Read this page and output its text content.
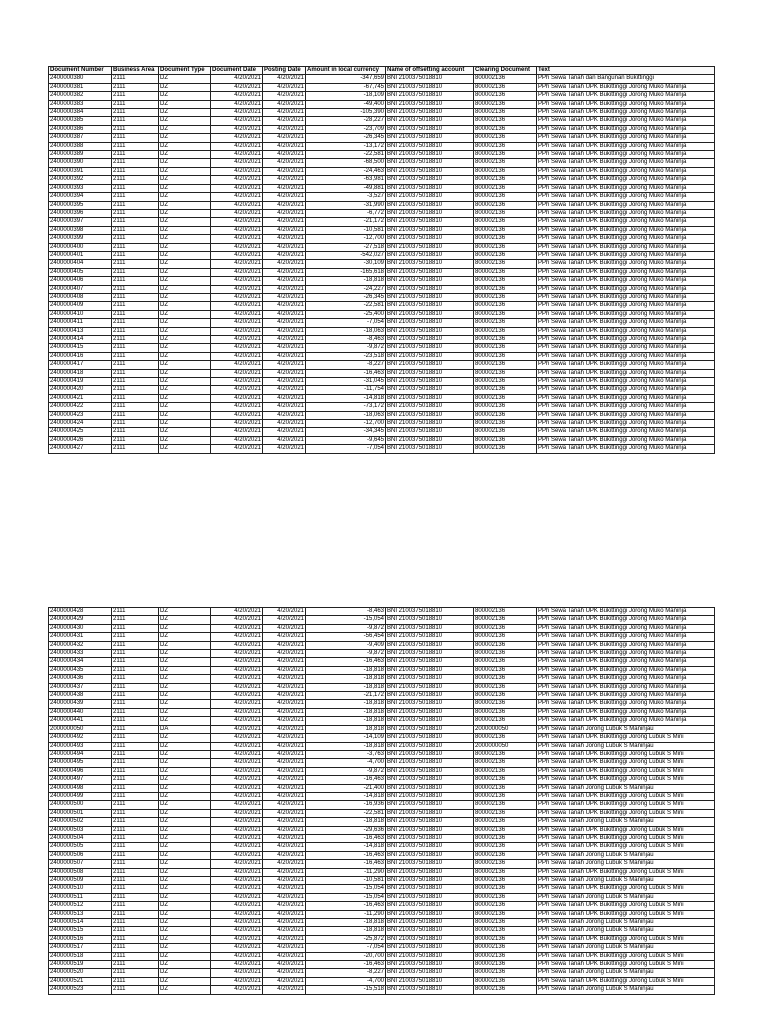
Document Number	Business Area	Document Type	Document Date	Posting Date	Amount in local currency	Name of offsetting account	Clearing Document	Text
2400000380	2111	DZ	4/20/2021	4/20/2021	-347,659	BNI 2100375018810	800002136	PPh Sewa Tanah dan Bangunan Bukittinggi
2400000381	2111	DZ	4/20/2021	4/20/2021	-67,745	BNI 2100375018810	800002136	PPh Sewa Tanah UPK Bukittinggi Jorong Muko Maninja
2400000382	2111	DZ	4/20/2021	4/20/2021	-18,109	BNI 2100375018810	800002136	PPh Sewa Tanah UPK Bukittinggi Jorong Muko Maninja
2400000383	2111	DZ	4/20/2021	4/20/2021	-49,400	BNI 2100375018810	800002136	PPh Sewa Tanah UPK Bukittinggi Jorong Muko Maninja
2400000384	2111	DZ	4/20/2021	4/20/2021	-105,390	BNI 2100375018810	800002136	PPh Sewa Tanah UPK Bukittinggi Jorong Muko Maninja
2400000385	2111	DZ	4/20/2021	4/20/2021	-28,227	BNI 2100375018810	800002136	PPh Sewa Tanah UPK Bukittinggi Jorong Muko Maninja
2400000386	2111	DZ	4/20/2021	4/20/2021	-23,709	BNI 2100375018810	800002136	PPh Sewa Tanah UPK Bukittinggi Jorong Muko Maninja
2400000387	2111	DZ	4/20/2021	4/20/2021	-26,345	BNI 2100375018810	800002136	PPh Sewa Tanah UPK Bukittinggi Jorong Muko Maninja
2400000388	2111	DZ	4/20/2021	4/20/2021	-13,172	BNI 2100375018810	800002136	PPh Sewa Tanah UPK Bukittinggi Jorong Muko Maninja
2400000389	2111	DZ	4/20/2021	4/20/2021	-22,581	BNI 2100375018810	800002136	PPh Sewa Tanah UPK Bukittinggi Jorong Muko Maninja
2400000390	2111	DZ	4/20/2021	4/20/2021	-68,500	BNI 2100375018810	800002136	PPh Sewa Tanah UPK Bukittinggi Jorong Muko Maninja
2400000391	2111	DZ	4/20/2021	4/20/2021	-24,463	BNI 2100375018810	800002136	PPh Sewa Tanah UPK Bukittinggi Jorong Muko Maninja
2400000392	2111	DZ	4/20/2021	4/20/2021	-63,981	BNI 2100375018810	800002136	PPh Sewa Tanah UPK Bukittinggi Jorong Muko Maninja
2400000393	2111	DZ	4/20/2021	4/20/2021	-49,881	BNI 2100375018810	800002136	PPh Sewa Tanah UPK Bukittinggi Jorong Muko Maninja
2400000394	2111	DZ	4/20/2021	4/20/2021	-3,527	BNI 2100375018810	800002136	PPh Sewa Tanah UPK Bukittinggi Jorong Muko Maninja
2400000395	2111	DZ	4/20/2021	4/20/2021	-31,990	BNI 2100375018810	800002136	PPh Sewa Tanah UPK Bukittinggi Jorong Muko Maninja
2400000396	2111	DZ	4/20/2021	4/20/2021	-6,772	BNI 2100375018810	800002136	PPh Sewa Tanah UPK Bukittinggi Jorong Muko Maninja
2400000397	2111	DZ	4/20/2021	4/20/2021	-21,172	BNI 2100375018810	800002136	PPh Sewa Tanah UPK Bukittinggi Jorong Muko Maninja
2400000398	2111	DZ	4/20/2021	4/20/2021	-10,581	BNI 2100375018810	800002136	PPh Sewa Tanah UPK Bukittinggi Jorong Muko Maninja
2400000399	2111	DZ	4/20/2021	4/20/2021	-12,700	BNI 2100375018810	800002136	PPh Sewa Tanah UPK Bukittinggi Jorong Muko Maninja
2400000400	2111	DZ	4/20/2021	4/20/2021	-27,518	BNI 2100375018810	800002136	PPh Sewa Tanah UPK Bukittinggi Jorong Muko Maninja
2400000401	2111	DZ	4/20/2021	4/20/2021	-542,027	BNI 2100375018810	800002136	PPh Sewa Tanah UPK Bukittinggi Jorong Muko Maninja
2400000404	2111	DZ	4/20/2021	4/20/2021	-30,109	BNI 2100375018810	800002136	PPh Sewa Tanah UPK Bukittinggi Jorong Muko Maninja
2400000405	2111	DZ	4/20/2021	4/20/2021	-165,618	BNI 2100375018810	800002136	PPh Sewa Tanah UPK Bukittinggi Jorong Muko Maninja
2400000406	2111	DZ	4/20/2021	4/20/2021	-18,818	BNI 2100375018810	800002136	PPh Sewa Tanah UPK Bukittinggi Jorong Muko Maninja
2400000407	2111	DZ	4/20/2021	4/20/2021	-24,227	BNI 2100375018810	800002136	PPh Sewa Tanah UPK Bukittinggi Jorong Muko Maninja
2400000408	2111	DZ	4/20/2021	4/20/2021	-26,345	BNI 2100375018810	800002136	PPh Sewa Tanah UPK Bukittinggi Jorong Muko Maninja
2400000409	2111	DZ	4/20/2021	4/20/2021	-22,581	BNI 2100375018810	800002136	PPh Sewa Tanah UPK Bukittinggi Jorong Muko Maninja
2400000410	2111	DZ	4/20/2021	4/20/2021	-25,400	BNI 2100375018810	800002136	PPh Sewa Tanah UPK Bukittinggi Jorong Muko Maninja
2400000411	2111	DZ	4/20/2021	4/20/2021	-7,054	BNI 2100375018810	800002136	PPh Sewa Tanah UPK Bukittinggi Jorong Muko Maninja
2400000413	2111	DZ	4/20/2021	4/20/2021	-18,063	BNI 2100375018810	800002136	PPh Sewa Tanah UPK Bukittinggi Jorong Muko Maninja
2400000414	2111	DZ	4/20/2021	4/20/2021	-8,463	BNI 2100375018810	800002136	PPh Sewa Tanah UPK Bukittinggi Jorong Muko Maninja
2400000415	2111	DZ	4/20/2021	4/20/2021	-9,872	BNI 2100375018810	800002136	PPh Sewa Tanah UPK Bukittinggi Jorong Muko Maninja
2400000416	2111	DZ	4/20/2021	4/20/2021	-23,518	BNI 2100375018810	800002136	PPh Sewa Tanah UPK Bukittinggi Jorong Muko Maninja
2400000417	2111	DZ	4/20/2021	4/20/2021	-8,227	BNI 2100375018810	800002136	PPh Sewa Tanah UPK Bukittinggi Jorong Muko Maninja
2400000418	2111	DZ	4/20/2021	4/20/2021	-16,463	BNI 2100375018810	800002136	PPh Sewa Tanah UPK Bukittinggi Jorong Muko Maninja
2400000419	2111	DZ	4/20/2021	4/20/2021	-31,045	BNI 2100375018810	800002136	PPh Sewa Tanah UPK Bukittinggi Jorong Muko Maninja
2400000420	2111	DZ	4/20/2021	4/20/2021	-11,754	BNI 2100375018810	800002136	PPh Sewa Tanah UPK Bukittinggi Jorong Muko Maninja
2400000421	2111	DZ	4/20/2021	4/20/2021	-14,818	BNI 2100375018810	800002136	PPh Sewa Tanah UPK Bukittinggi Jorong Muko Maninja
2400000422	2111	DZ	4/20/2021	4/20/2021	-73,172	BNI 2100375018810	800002136	PPh Sewa Tanah UPK Bukittinggi Jorong Muko Maninja
2400000423	2111	DZ	4/20/2021	4/20/2021	-18,063	BNI 2100375018810	800002136	PPh Sewa Tanah UPK Bukittinggi Jorong Muko Maninja
2400000424	2111	DZ	4/20/2021	4/20/2021	-12,700	BNI 2100375018810	800002136	PPh Sewa Tanah UPK Bukittinggi Jorong Muko Maninja
2400000425	2111	DZ	4/20/2021	4/20/2021	-34,345	BNI 2100375018810	800002136	PPh Sewa Tanah UPK Bukittinggi Jorong Muko Maninja
2400000426	2111	DZ	4/20/2021	4/20/2021	-9,645	BNI 2100375018810	800002136	PPh Sewa Tanah UPK Bukittinggi Jorong Muko Maninja
2400000427	2111	DZ	4/20/2021	4/20/2021	-7,054	BNI 2100375018810	800002136	PPh Sewa Tanah UPK Bukittinggi Jorong Muko Maninja
2400000428	2111	DZ	4/20/2021	4/20/2021	-8,463	BNI 2100375018810	800002136	PPh Sewa Tanah UPK Bukittinggi Jorong Muko Maninja
2400000429	2111	DZ	4/20/2021	4/20/2021	-15,054	BNI 2100375018810	800002136	PPh Sewa Tanah UPK Bukittinggi Jorong Muko Maninja
2400000430	2111	DZ	4/20/2021	4/20/2021	-9,872	BNI 2100375018810	800002136	PPh Sewa Tanah UPK Bukittinggi Jorong Muko Maninja
2400000431	2111	DZ	4/20/2021	4/20/2021	-56,454	BNI 2100375018810	800002136	PPh Sewa Tanah UPK Bukittinggi Jorong Muko Maninja
2400000432	2111	DZ	4/20/2021	4/20/2021	-9,409	BNI 2100375018810	800002136	PPh Sewa Tanah UPK Bukittinggi Jorong Muko Maninja
2400000433	2111	DZ	4/20/2021	4/20/2021	-9,872	BNI 2100375018810	800002136	PPh Sewa Tanah UPK Bukittinggi Jorong Muko Maninja
2400000434	2111	DZ	4/20/2021	4/20/2021	-16,463	BNI 2100375018810	800002136	PPh Sewa Tanah UPK Bukittinggi Jorong Muko Maninja
2400000435	2111	DZ	4/20/2021	4/20/2021	-18,818	BNI 2100375018810	800002136	PPh Sewa Tanah UPK Bukittinggi Jorong Muko Maninja
2400000436	2111	DZ	4/20/2021	4/20/2021	-18,818	BNI 2100375018810	800002136	PPh Sewa Tanah UPK Bukittinggi Jorong Muko Maninja
2400000437	2111	DZ	4/20/2021	4/20/2021	-18,818	BNI 2100375018810	800002136	PPh Sewa Tanah UPK Bukittinggi Jorong Muko Maninja
2400000438	2111	DZ	4/20/2021	4/20/2021	-21,172	BNI 2100375018810	800002136	PPh Sewa Tanah UPK Bukittinggi Jorong Muko Maninja
2400000439	2111	DZ	4/20/2021	4/20/2021	-18,818	BNI 2100375018810	800002136	PPh Sewa Tanah UPK Bukittinggi Jorong Muko Maninja
2400000440	2111	DZ	4/20/2021	4/20/2021	-18,818	BNI 2100375018810	800002136	PPh Sewa Tanah UPK Bukittinggi Jorong Muko Maninja
2400000441	2111	DZ	4/20/2021	4/20/2021	-18,818	BNI 2100375018810	800002136	PPh Sewa Tanah UPK Bukittinggi Jorong Muko Maninja
2000000050	2111	DA	4/20/2021	4/20/2021	18,818	BNI 2100375018810	2000000050	PPh Sewa Tanah Jorong Lubuk S Maninjau
2400000492	2111	DZ	4/20/2021	4/20/2021	-14,109	BNI 2100375018810	800002136	PPh Sewa Tanah UPK Bukittinggi Jorong Lubuk S Mini
2400000493	2111	DZ	4/20/2021	4/20/2021	-18,818	BNI 2100375018810	2000000050	PPh Sewa Tanah Jorong Lubuk S Maninjau
2400000494	2111	DZ	4/20/2021	4/20/2021	-3,763	BNI 2100375018810	800002136	PPh Sewa Tanah UPK Bukittinggi Jorong Lubuk S Mini
2400000495	2111	DZ	4/20/2021	4/20/2021	-4,700	BNI 2100375018810	800002136	PPh Sewa Tanah UPK Bukittinggi Jorong Lubuk S Mini
2400000496	2111	DZ	4/20/2021	4/20/2021	-9,872	BNI 2100375018810	800002136	PPh Sewa Tanah UPK Bukittinggi Jorong Lubuk S Mini
2400000497	2111	DZ	4/20/2021	4/20/2021	-16,463	BNI 2100375018810	800002136	PPh Sewa Tanah UPK Bukittinggi Jorong Lubuk S Mini
2400000498	2111	DZ	4/20/2021	4/20/2021	-21,400	BNI 2100375018810	800002136	PPh Sewa Tanah Jorong Lubuk S Maninjau
2400000499	2111	DZ	4/20/2021	4/20/2021	-14,818	BNI 2100375018810	800002136	PPh Sewa Tanah UPK Bukittinggi Jorong Lubuk S Mini
2400000500	2111	DZ	4/20/2021	4/20/2021	-16,936	BNI 2100375018810	800002136	PPh Sewa Tanah UPK Bukittinggi Jorong Lubuk S Mini
2400000501	2111	DZ	4/20/2021	4/20/2021	-22,581	BNI 2100375018810	800002136	PPh Sewa Tanah UPK Bukittinggi Jorong Lubuk S Mini
2400000502	2111	DZ	4/20/2021	4/20/2021	-18,818	BNI 2100375018810	800002136	PPh Sewa Tanah Jorong Lubuk S Maninjau
2400000503	2111	DZ	4/20/2021	4/20/2021	-29,636	BNI 2100375018810	800002136	PPh Sewa Tanah UPK Bukittinggi Jorong Lubuk S Mini
2400000504	2111	DZ	4/20/2021	4/20/2021	-16,463	BNI 2100375018810	800002136	PPh Sewa Tanah UPK Bukittinggi Jorong Lubuk S Mini
2400000505	2111	DZ	4/20/2021	4/20/2021	-14,818	BNI 2100375018810	800002136	PPh Sewa Tanah UPK Bukittinggi Jorong Lubuk S Mini
2400000506	2111	DZ	4/20/2021	4/20/2021	-16,463	BNI 2100375018810	800002136	PPh Sewa Tanah Jorong Lubuk S Maninjau
2400000507	2111	DZ	4/20/2021	4/20/2021	-16,463	BNI 2100375018810	800002136	PPh Sewa Tanah Jorong Lubuk S Maninjau
2400000508	2111	DZ	4/20/2021	4/20/2021	-11,290	BNI 2100375018810	800002136	PPh Sewa Tanah UPK Bukittinggi Jorong Lubuk S Mini
2400000509	2111	DZ	4/20/2021	4/20/2021	-10,581	BNI 2100375018810	800002136	PPh Sewa Tanah Jorong Lubuk S Maninjau
2400000510	2111	DZ	4/20/2021	4/20/2021	-15,054	BNI 2100375018810	800002136	PPh Sewa Tanah UPK Bukittinggi Jorong Lubuk S Mini
2400000511	2111	DZ	4/20/2021	4/20/2021	-15,054	BNI 2100375018810	800002136	PPh Sewa Tanah Jorong Lubuk S Maninjau
2400000512	2111	DZ	4/20/2021	4/20/2021	-16,463	BNI 2100375018810	800002136	PPh Sewa Tanah UPK Bukittinggi Jorong Lubuk S Mini
2400000513	2111	DZ	4/20/2021	4/20/2021	-11,290	BNI 2100375018810	800002136	PPh Sewa Tanah UPK Bukittinggi Jorong Lubuk S Mini
2400000514	2111	DZ	4/20/2021	4/20/2021	-18,818	BNI 2100375018810	800002136	PPh Sewa Tanah Jorong Lubuk S Maninjau
2400000515	2111	DZ	4/20/2021	4/20/2021	-18,818	BNI 2100375018810	800002136	PPh Sewa Tanah Jorong Lubuk S Maninjau
2400000516	2111	DZ	4/20/2021	4/20/2021	-25,872	BNI 2100375018810	800002136	PPh Sewa Tanah UPK Bukittinggi Jorong Lubuk S Mini
2400000517	2111	DZ	4/20/2021	4/20/2021	-7,054	BNI 2100375018810	800002136	PPh Sewa Tanah Jorong Lubuk S Maninjau
2400000518	2111	DZ	4/20/2021	4/20/2021	-20,700	BNI 2100375018810	800002136	PPh Sewa Tanah UPK Bukittinggi Jorong Lubuk S Mini
2400000519	2111	DZ	4/20/2021	4/20/2021	-16,463	BNI 2100375018810	800002136	PPh Sewa Tanah UPK Bukittinggi Jorong Lubuk S Mini
2400000520	2111	DZ	4/20/2021	4/20/2021	-8,227	BNI 2100375018810	800002136	PPh Sewa Tanah Jorong Lubuk S Maninjau
2400000521	2111	DZ	4/20/2021	4/20/2021	-4,700	BNI 2100375018810	800002136	PPh Sewa Tanah UPK Bukittinggi Jorong Lubuk S Mini
2400000523	2111	DZ	4/20/2021	4/20/2021	-15,518	BNI 2100375018810	800002136	PPh Sewa Tanah Jorong Lubuk S Maninjau
